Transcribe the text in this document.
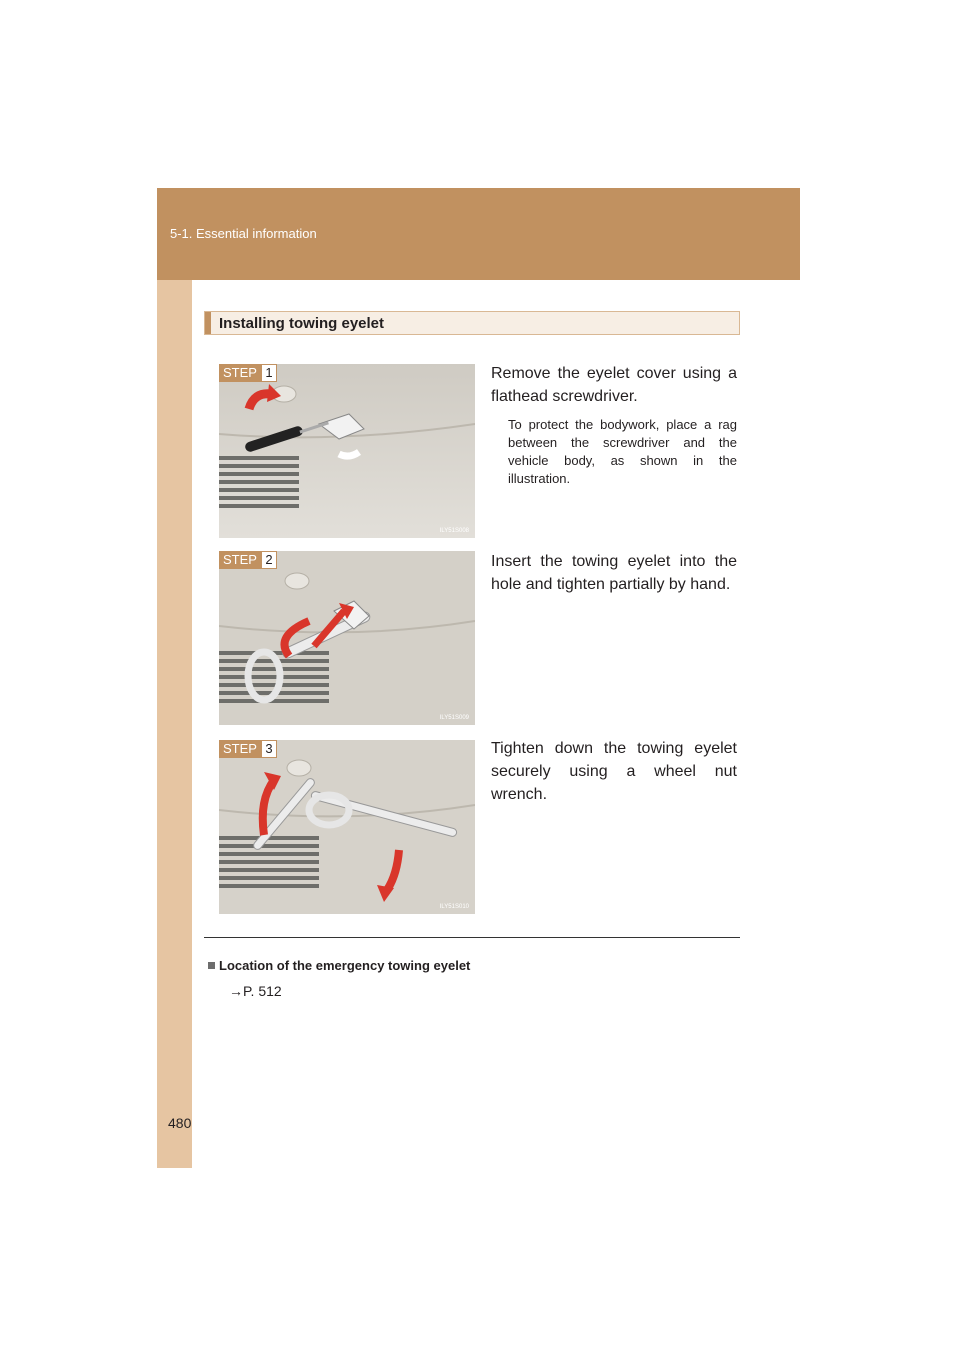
5-1. Essential information
Installing towing eyelet
STEP 1
ILY51S008
Remove the eyelet cover using a flathead screwdriver.
To protect the bodywork, place a rag between the screwdriver and the vehicle body, as shown in the illustration.
STEP 2
ILY51S009
Insert the towing eyelet into the hole and tighten partially by hand.
STEP 3
ILY51S010
Tighten down the towing eyelet securely using a wheel nut wrench.
Location of the emergency towing eyelet
→P. 512
480
